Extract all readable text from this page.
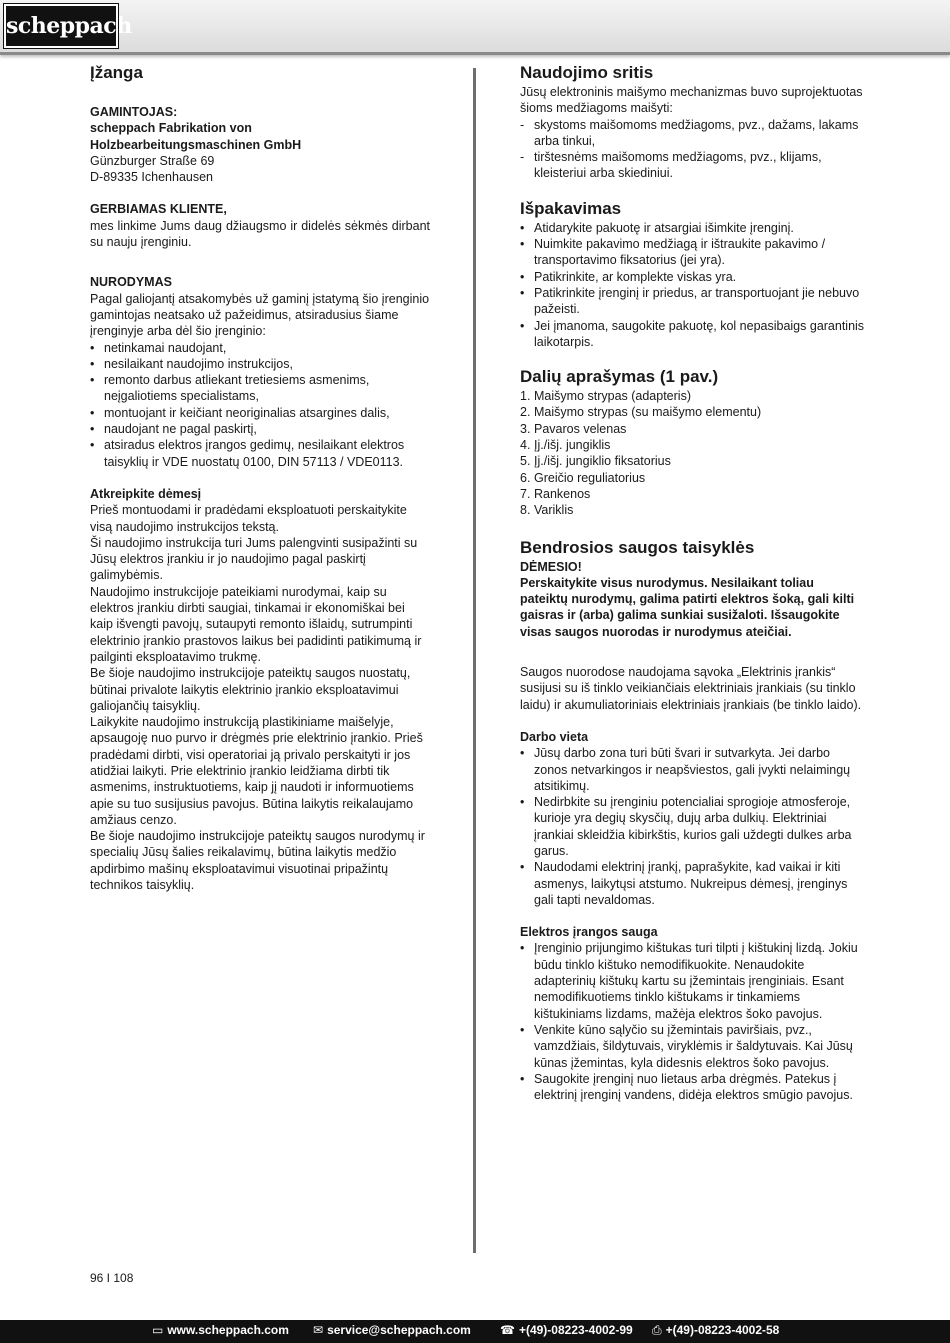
scheppach
Įžanga

GAMINTOJAS:

scheppach Fabrikation von

Holzbearbeitungsmaschinen GmbH

Günzburger Straße 69

D-89335 Ichenhausen

GERBIAMAS KLIENTE,

mes linkime Jums daug džiaugsmo ir didelės sėkmės dirbant su nauju įrenginiu.

NURODYMAS

Pagal galiojantį atsakomybės už gaminį įstatymą šio įrenginio gamintojas neatsako už pažeidimus, atsiradusius šiame įrenginyje arba dėl šio įrenginio:

• netinkamai naudojant,
• nesilaikant naudojimo instrukcijos,
• remonto darbus atliekant tretiesiems asmenims, neįgaliotiems specialistams,
• montuojant ir keičiant neoriginalias atsargines dalis,
• naudojant ne pagal paskirtį,
• atsiradus elektros įrangos gedimų, nesilaikant elektros taisyklių ir VDE nuostatų 0100, DIN 57113 / VDE0113.

Atkreipkite dėmesį

Prieš montuodami ir pradėdami eksploatuoti perskaitykite visą naudojimo instrukcijos tekstą.

Ši naudojimo instrukcija turi Jums palengvinti susipažinti su Jūsų elektros įrankiu ir jo naudojimo pagal paskirtį galimybėmis.

Naudojimo instrukcijoje pateikiami nurodymai, kaip su elektros įrankiu dirbti saugiai, tinkamai ir ekonomiškai bei kaip išvengti pavojų, sutaupyti remonto išlaidų, sutrumpinti elektrinio įrankio prastovos laikus bei padidinti patikimumą ir pailginti eksploatavimo trukmę.

Be šioje naudojimo instrukcijoje pateiktų saugos nuostatų, būtinai privalote laikytis elektrinio įrankio eksploatavimui galiojančių taisyklių.

Laikykite naudojimo instrukciją plastikiniame maišelyje, apsaugoję nuo purvo ir drėgmės prie elektrinio įrankio. Prieš pradėdami dirbti, visi operatoriai ją privalo perskaityti ir jos atidžiai laikyti. Prie elektrinio įrankio leidžiama dirbti tik asmenims, instruktuotiems, kaip jį naudoti ir informuotiems apie su tuo susijusius pavojus. Būtina laikytis reikalaujamo amžiaus cenzo.

Be šioje naudojimo instrukcijoje pateiktų saugos nurodymų ir specialių Jūsų šalies reikalavimų, būtina laikytis medžio apdirbimo mašinų eksploatavimui visuotinai pripažintų technikos taisyklių.

Naudojimo sritis

Jūsų elektroninis maišymo mechanizmas buvo suprojektuotas šioms medžiagoms maišyti:

- skystoms maišomoms medžiagoms, pvz., dažams, lakams arba tinkui,
- tirštesnėms maišomoms medžiagoms, pvz., klijams, kleisteriui arba skiediniui.
Išpakavimas
• Atidarykite pakuotę ir atsargiai išimkite įrenginį.
• Nuimkite pakavimo medžiagą ir ištraukite pakavimo / transportavimo fiksatorius (jei yra).
• Patikrinkite, ar komplekte viskas yra.
• Patikrinkite įrenginį ir priedus, ar transportuojant jie nebuvo pažeisti.
• Jei įmanoma, saugokite pakuotę, kol nepasibaigs garantinis laikotarpis.
Dalių aprašymas (1 pav.)
1. Maišymo strypas (adapteris)
2. Maišymo strypas (su maišymo elementu)
3. Pavaros velenas
4. Įj./išj. jungiklis
5. Įj./išj. jungiklio fiksatorius
6. Greičio reguliatorius
7. Rankenos
8. Variklis
Bendrosios saugos taisyklės

DĖMESIO!

Perskaitykite visus nurodymus. Nesilaikant toliau pateiktų nurodymų, galima patirti elektros šoką, gali kilti gaisras ir (arba) galima sunkiai susižaloti. Išsaugokite visas saugos nuorodas ir nurodymus ateičiai.

Saugos nuorodose naudojama sąvoka „Elektrinis įrankis“ susijusi su iš tinklo veikiančiais elektriniais įrankiais (su tinklo laidu) ir akumuliatoriniais elektriniais įrankiais (be tinklo laido).

Darbo vieta

• Jūsų darbo zona turi būti švari ir sutvarkyta. Jei darbo zonos netvarkingos ir neapšviestos, gali įvykti nelaimingų atsitikimų.
• Nedirbkite su įrenginiu potencialiai sprogioje atmosferoje, kurioje yra degių skysčių, dujų arba dulkių. Elektriniai įrankiai skleidžia kibirkštis, kurios gali uždegti dulkes arba garus.
• Naudodami elektrinį įrankį, paprašykite, kad vaikai ir kiti asmenys, laikytųsi atstumo. Nukreipus dėmesį, įrenginys gali tapti nevaldomas.

Elektros įrangos sauga

• Įrenginio prijungimo kištukas turi tilpti į kištukinį lizdą. Jokiu būdu tinklo kištuko nemodifikuokite. Nenaudokite adapterinių kištukų kartu su įžemintais įrenginiais. Esant nemodifikuotiems tinklo kištukams ir tinkamiems kištukiniams lizdams, mažėja elektros šoko pavojus.
• Venkite kūno sąlyčio su įžemintais paviršiais, pvz., vamzdžiais, šildytuvais, viryklėmis ir šaldytuvais. Kai Jūsų kūnas įžemintas, kyla didesnis elektros šoko pavojus.
• Saugokite įrenginį nuo lietaus arba drėgmės. Patekus į elektrinį įrenginį vandens, didėja elektros smūgio pavojus.
96 I 108
▭ www.scheppach.com ✉ service@scheppach.com ☎ +(49)-08223-4002-99 ⎙ +(49)-08223-4002-58
